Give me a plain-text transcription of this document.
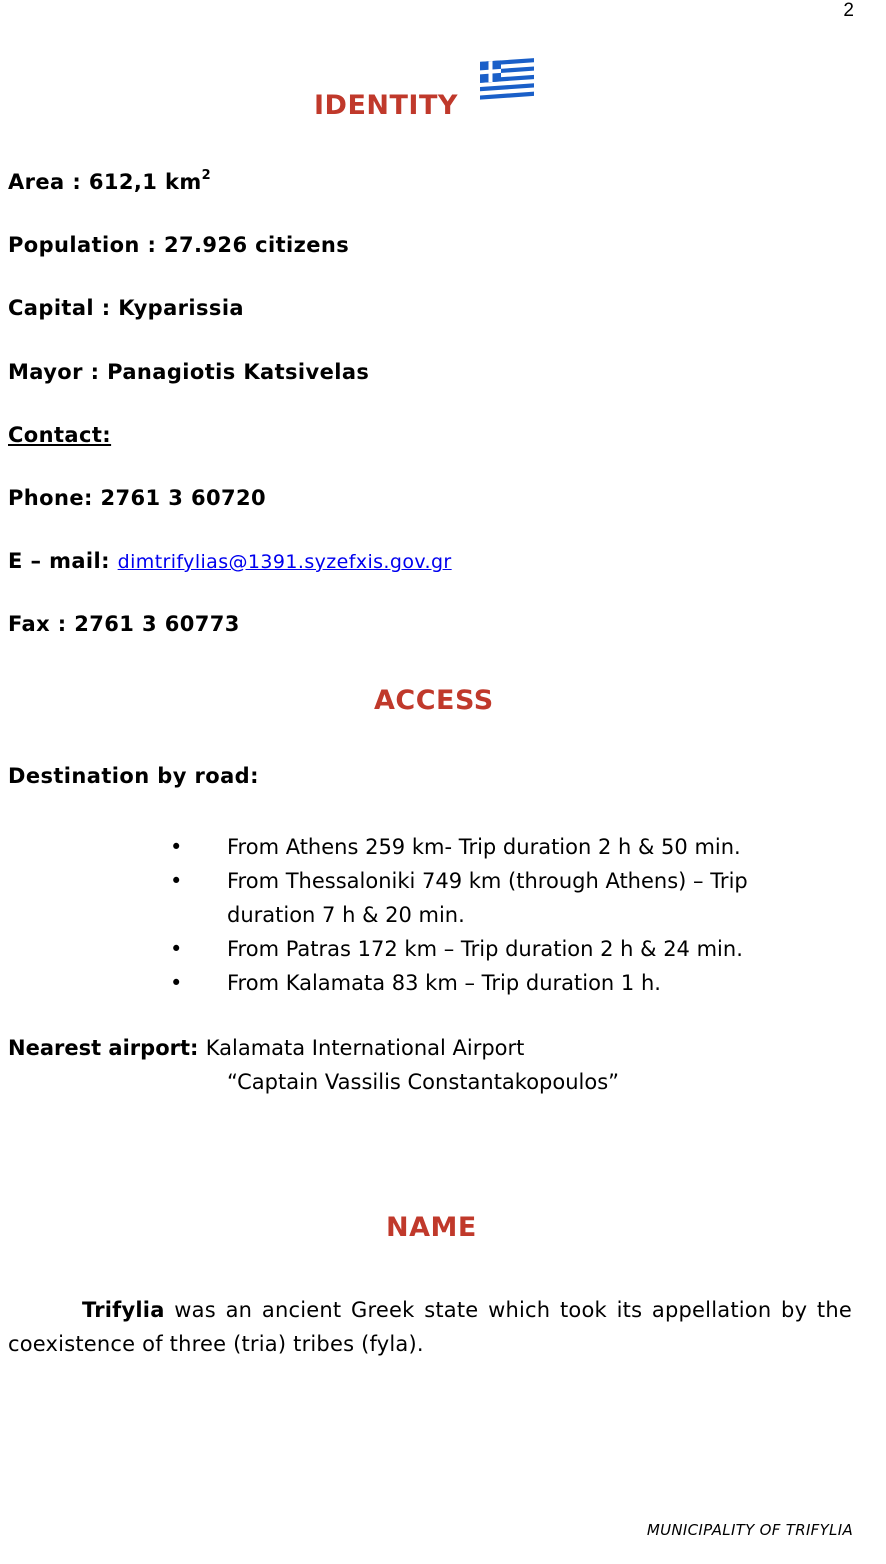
2
IDENTITY
Area : 612,1 $km^2$
Population : 27.926 citizens
Capital : Kyparissia
Mayor : Panagiotis Katsivelas
Contact:
Phone: 2761 3 60720
E – mail: dimtrifylias@1391.syzefxis.gov.gr
Fax : 2761 3 60773
ACCESS
Destination by road:
• From Athens 259 km- Trip duration 2 h & 50 min.
• From Thessaloniki 749 km (through Athens) – Trip duration 7 h & 20 min.
• From Patras 172 km – Trip duration 2 h & 24 min.
• From Kalamata 83 km – Trip duration 1 h.
Nearest airport: Kalamata International Airport
“Captain Vassilis Constantakopoulos”
NAME
Trifylia was an ancient Greek state which took its appellation by the coexistence of three (tria) tribes (fyla).
MUNICIPALITY OF TRIFYLIA
